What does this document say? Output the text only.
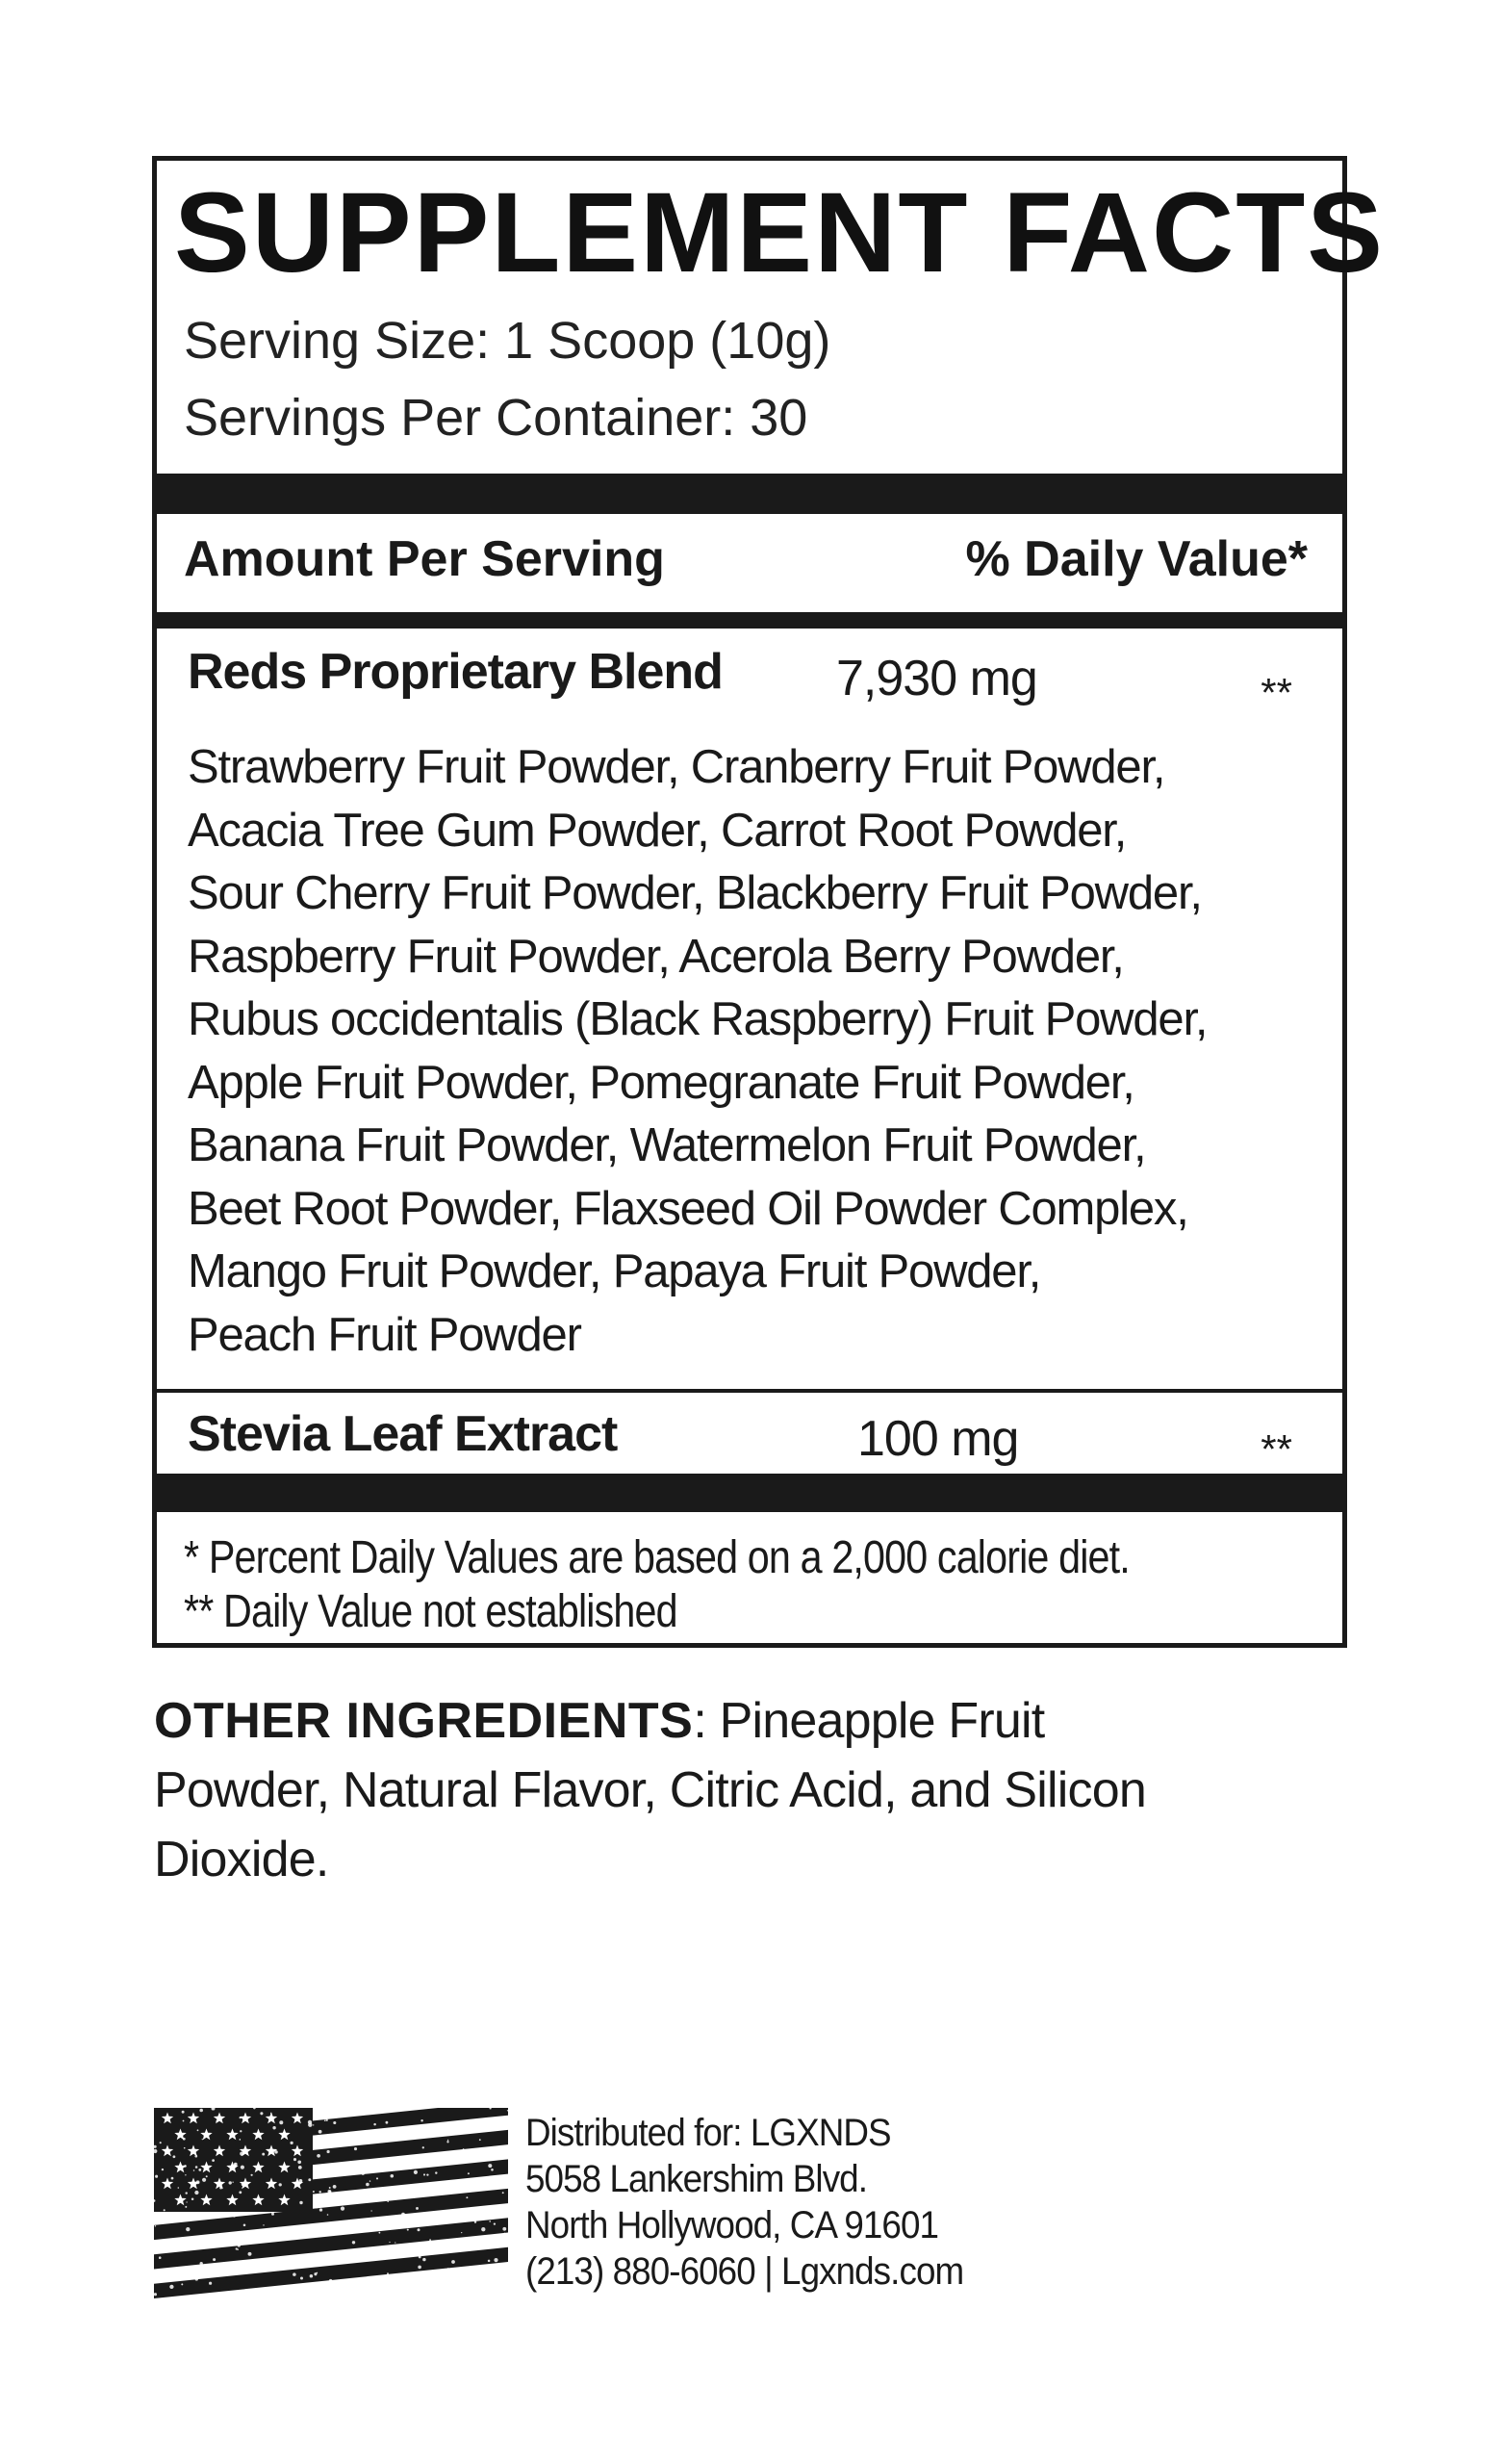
SUPPLEMENT FACTS
Serving Size: 1 Scoop (10g)
Servings Per Container: 30
Amount Per Serving	% Daily Value*
Reds Proprietary Blend 7,930 mg	**
Strawberry Fruit Powder, Cranberry Fruit Powder,
Acacia Tree Gum Powder, Carrot Root Powder,
Sour Cherry Fruit Powder, Blackberry Fruit Powder,
Raspberry Fruit Powder, Acerola Berry Powder,
Rubus occidentalis (Black Raspberry) Fruit Powder,
Apple Fruit Powder, Pomegranate Fruit Powder,
Banana Fruit Powder, Watermelon Fruit Powder,
Beet Root Powder, Flaxseed Oil Powder Complex,
Mango Fruit Powder, Papaya Fruit Powder,
Peach Fruit Powder
Stevia Leaf Extract	100 mg	**
* Percent Daily Values are based on a 2,000 calorie diet.
** Daily Value not established
OTHER INGREDIENTS: Pineapple Fruit Powder, Natural Flavor, Citric Acid, and Silicon Dioxide.
Distributed for: LGXNDS
5058 Lankershim Blvd.
North Hollywood, CA 91601
(213) 880-6060 | Lgxnds.com
